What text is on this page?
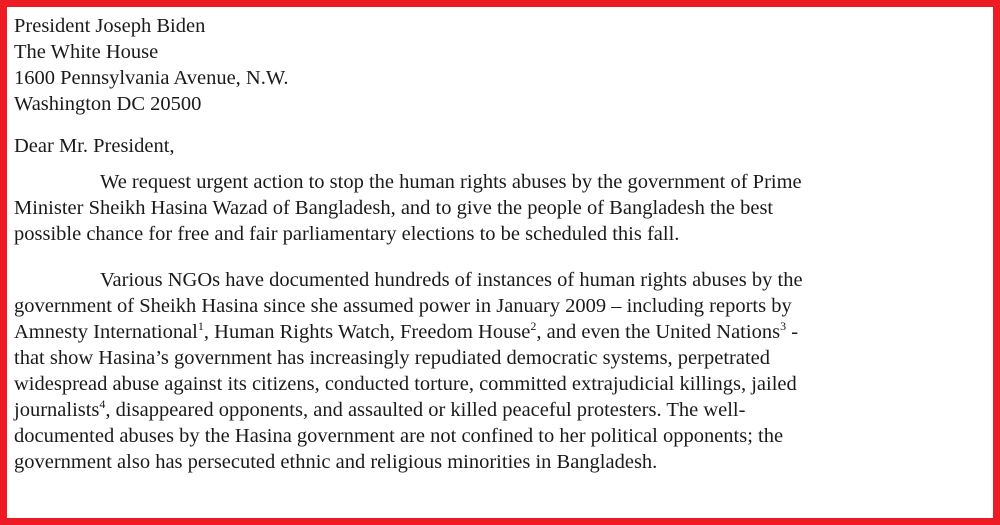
President Joseph Biden
The White House
1600 Pennsylvania Avenue, N.W.
Washington DC 20500
Dear Mr. President,

We request urgent action to stop the human rights abuses by the government of Prime
Minister Sheikh Hasina Wazad of Bangladesh, and to give the people of Bangladesh the best
possible chance for free and fair parliamentary elections to be scheduled this fall.

Various NGOs have documented hundreds of instances of human rights abuses by the
government of Sheikh Hasina since she assumed power in January 2009 – including reports by
Amnesty International$^1$, Human Rights Watch, Freedom House$^2$, and even the United Nations$^3$ -
that show Hasina’s government has increasingly repudiated democratic systems, perpetrated
widespread abuse against its citizens, conducted torture, committed extrajudicial killings, jailed
journalists$^4$, disappeared opponents, and assaulted or killed peaceful protesters. The well-
documented abuses by the Hasina government are not confined to her political opponents; the
government also has persecuted ethnic and religious minorities in Bangladesh.
